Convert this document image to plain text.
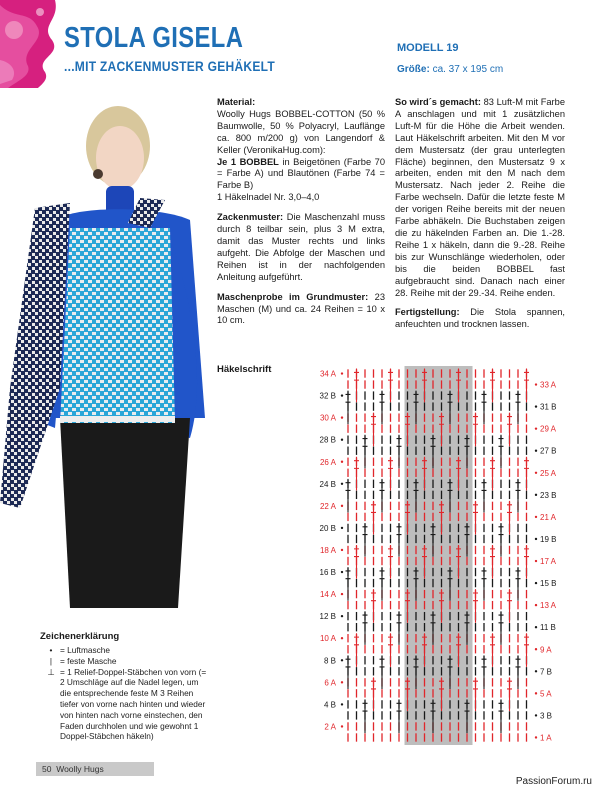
STOLA GISELA
...MIT ZACKENMUSTER GEHÄKELT
MODELL 19
Größe: ca. 37 x 195 cm

Material:
Woolly Hugs BOBBEL-COTTON (50 % Baumwolle, 50 % Polyacryl, Lauflänge ca. 800 m/200 g) von Langendorf & Keller (VeronikaHug.com):
Je 1 BOBBEL in Beigetönen (Farbe 70 = Farbe A) und Blautönen (Farbe 74 = Farbe B)
1 Häkelnadel Nr. 3,0–4,0

Zackenmuster: Die Maschenzahl muss durch 8 teilbar sein, plus 3 M extra, damit das Muster rechts und links aufgeht. Die Abfolge der Maschen und Reihen ist in der nachfolgenden Anleitung aufgeführt.

Maschenprobe im Grundmuster: 23 Maschen (M) und ca. 24 Reihen = 10 x 10 cm.

So wird´s gemacht: 83 Luft-M mit Farbe A anschlagen und mit 1 zusätzlichen Luft-M für die Höhe die Arbeit wenden. Laut Häkelschrift arbeiten. Mit den M vor dem Mustersatz (der grau unterlegten Fläche) beginnen, den Mustersatz 9 x arbeiten, enden mit den M nach dem Mustersatz. Nach jeder 2. Reihe die Farbe wechseln. Dafür die letzte feste M der vorigen Reihe bereits mit der neuen Farbe abhäkeln. Die Buchstaben zeigen die zu häkelnden Farben an. Die 1.-28. Reihe 1 x häkeln, dann die 9.-28. Reihe bis zur Wunschlänge wiederholen, oder bis die beiden BOBBEL fast aufgebraucht sind. Danach nach einer 28. Reihe mit der 29.-34. Reihe enden.

Fertigstellung: Die Stola spannen, anfeuchten und trocknen lassen.

Häkelschrift
1 A
2 A
3 B
4 B
5 A
6 A
7 B
8 B
9 A
10 A
11 B
12 B
13 A
14 A
15 B
16 B
17 A
18 A
19 B
20 B
21 A
22 A
23 B
24 B
25 A
26 A
27 B
28 B
29 A
30 A
31 B
32 B
33 A
34 A
Zeichenerklärung
• = Luftmasche
| = feste Masche
⊥ = 1 Relief-Doppel-Stäbchen von vorn (= 2 Umschläge auf die Nadel legen, um die entsprechende feste M 3 Reihen tiefer von vorne nach hinten und wieder von hinten nach vorne einstechen, den Faden durchholen und wie gewohnt 1 Doppel-Stäbchen häkeln)
50 Woolly Hugs
PassionForum.ru
